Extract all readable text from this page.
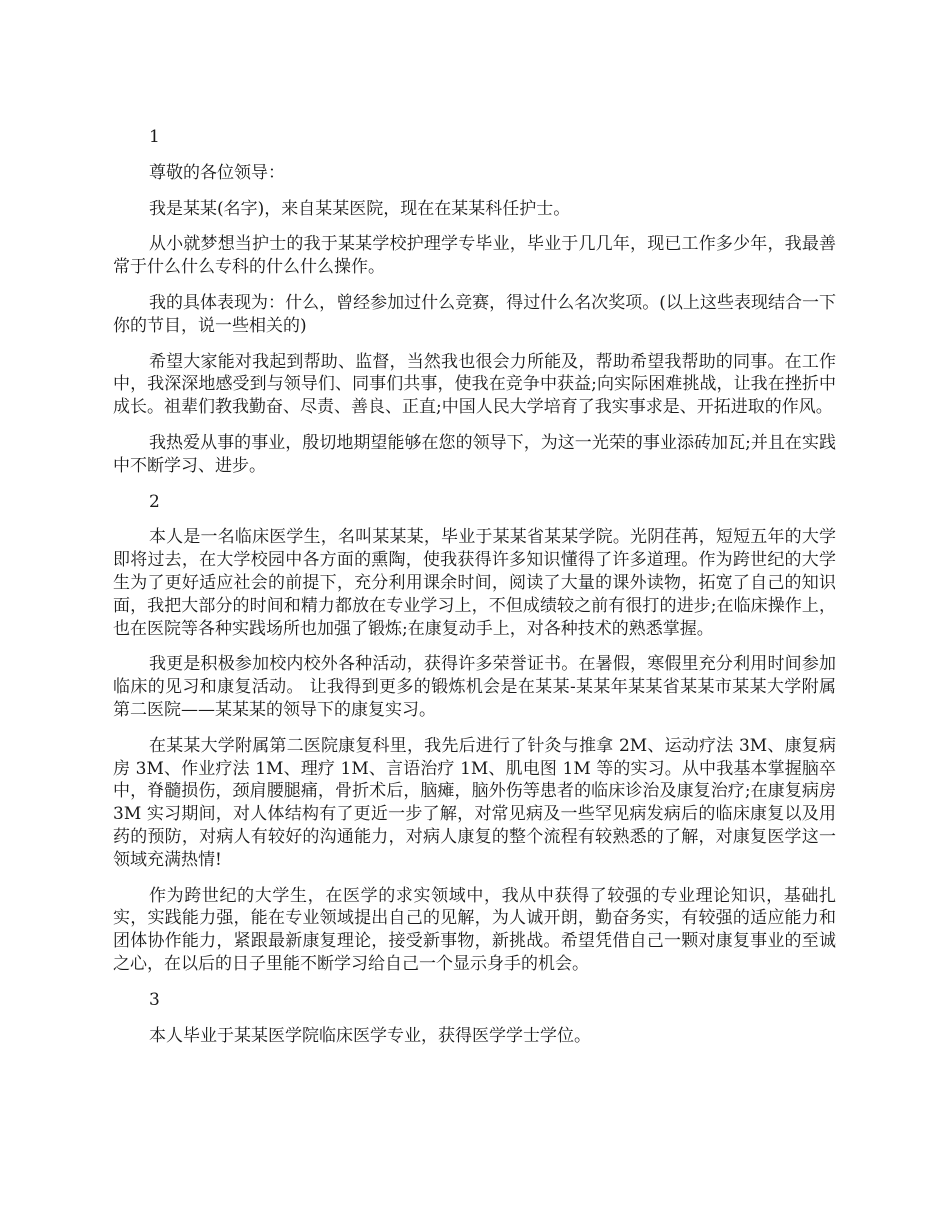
1

尊敬的各位领导：

我是某某(名字)，来自某某医院，现在在某某科任护士。

从小就梦想当护士的我于某某学校护理学专毕业，毕业于几几年，现已工作多少年，我最善常于什么什么专科的什么什么操作。

我的具体表现为：什么，曾经参加过什么竞赛，得过什么名次奖项。(以上这些表现结合一下你的节目，说一些相关的)

希望大家能对我起到帮助、监督，当然我也很会力所能及，帮助希望我帮助的同事。在工作中，我深深地感受到与领导们、同事们共事，使我在竞争中获益;向实际困难挑战，让我在挫折中成长。祖辈们教我勤奋、尽责、善良、正直;中国人民大学培育了我实事求是、开拓进取的作风。

我热爱从事的事业，殷切地期望能够在您的领导下，为这一光荣的事业添砖加瓦;并且在实践中不断学习、进步。

2

本人是一名临床医学生，名叫某某某，毕业于某某省某某学院。光阴荏苒，短短五年的大学即将过去，在大学校园中各方面的熏陶，使我获得许多知识懂得了许多道理。作为跨世纪的大学生为了更好适应社会的前提下，充分利用课余时间，阅读了大量的课外读物，拓宽了自己的知识面，我把大部分的时间和精力都放在专业学习上，不但成绩较之前有很打的进步;在临床操作上，也在医院等各种实践场所也加强了锻炼;在康复动手上，对各种技术的熟悉掌握。

我更是积极参加校内校外各种活动，获得许多荣誉证书。在暑假，寒假里充分利用时间参加临床的见习和康复活动。 让我得到更多的锻炼机会是在某某-某某年某某省某某市某某大学附属第二医院——某某某的领导下的康复实习。

在某某大学附属第二医院康复科里，我先后进行了针灸与推拿 2M、运动疗法 3M、康复病房 3M、作业疗法 1M、理疗 1M、言语治疗 1M、肌电图 1M 等的实习。从中我基本掌握脑卒中，脊髓损伤，颈肩腰腿痛，骨折术后，脑瘫，脑外伤等患者的临床诊治及康复治疗;在康复病房 3M 实习期间，对人体结构有了更近一步了解，对常见病及一些罕见病发病后的临床康复以及用药的预防，对病人有较好的沟通能力，对病人康复的整个流程有较熟悉的了解，对康复医学这一领域充满热情!

作为跨世纪的大学生，在医学的求实领域中，我从中获得了较强的专业理论知识，基础扎实，实践能力强，能在专业领域提出自己的见解，为人诚开朗，勤奋务实，有较强的适应能力和团体协作能力，紧跟最新康复理论，接受新事物，新挑战。希望凭借自己一颗对康复事业的至诚之心，在以后的日子里能不断学习给自己一个显示身手的机会。

3

本人毕业于某某医学院临床医学专业，获得医学学士学位。
